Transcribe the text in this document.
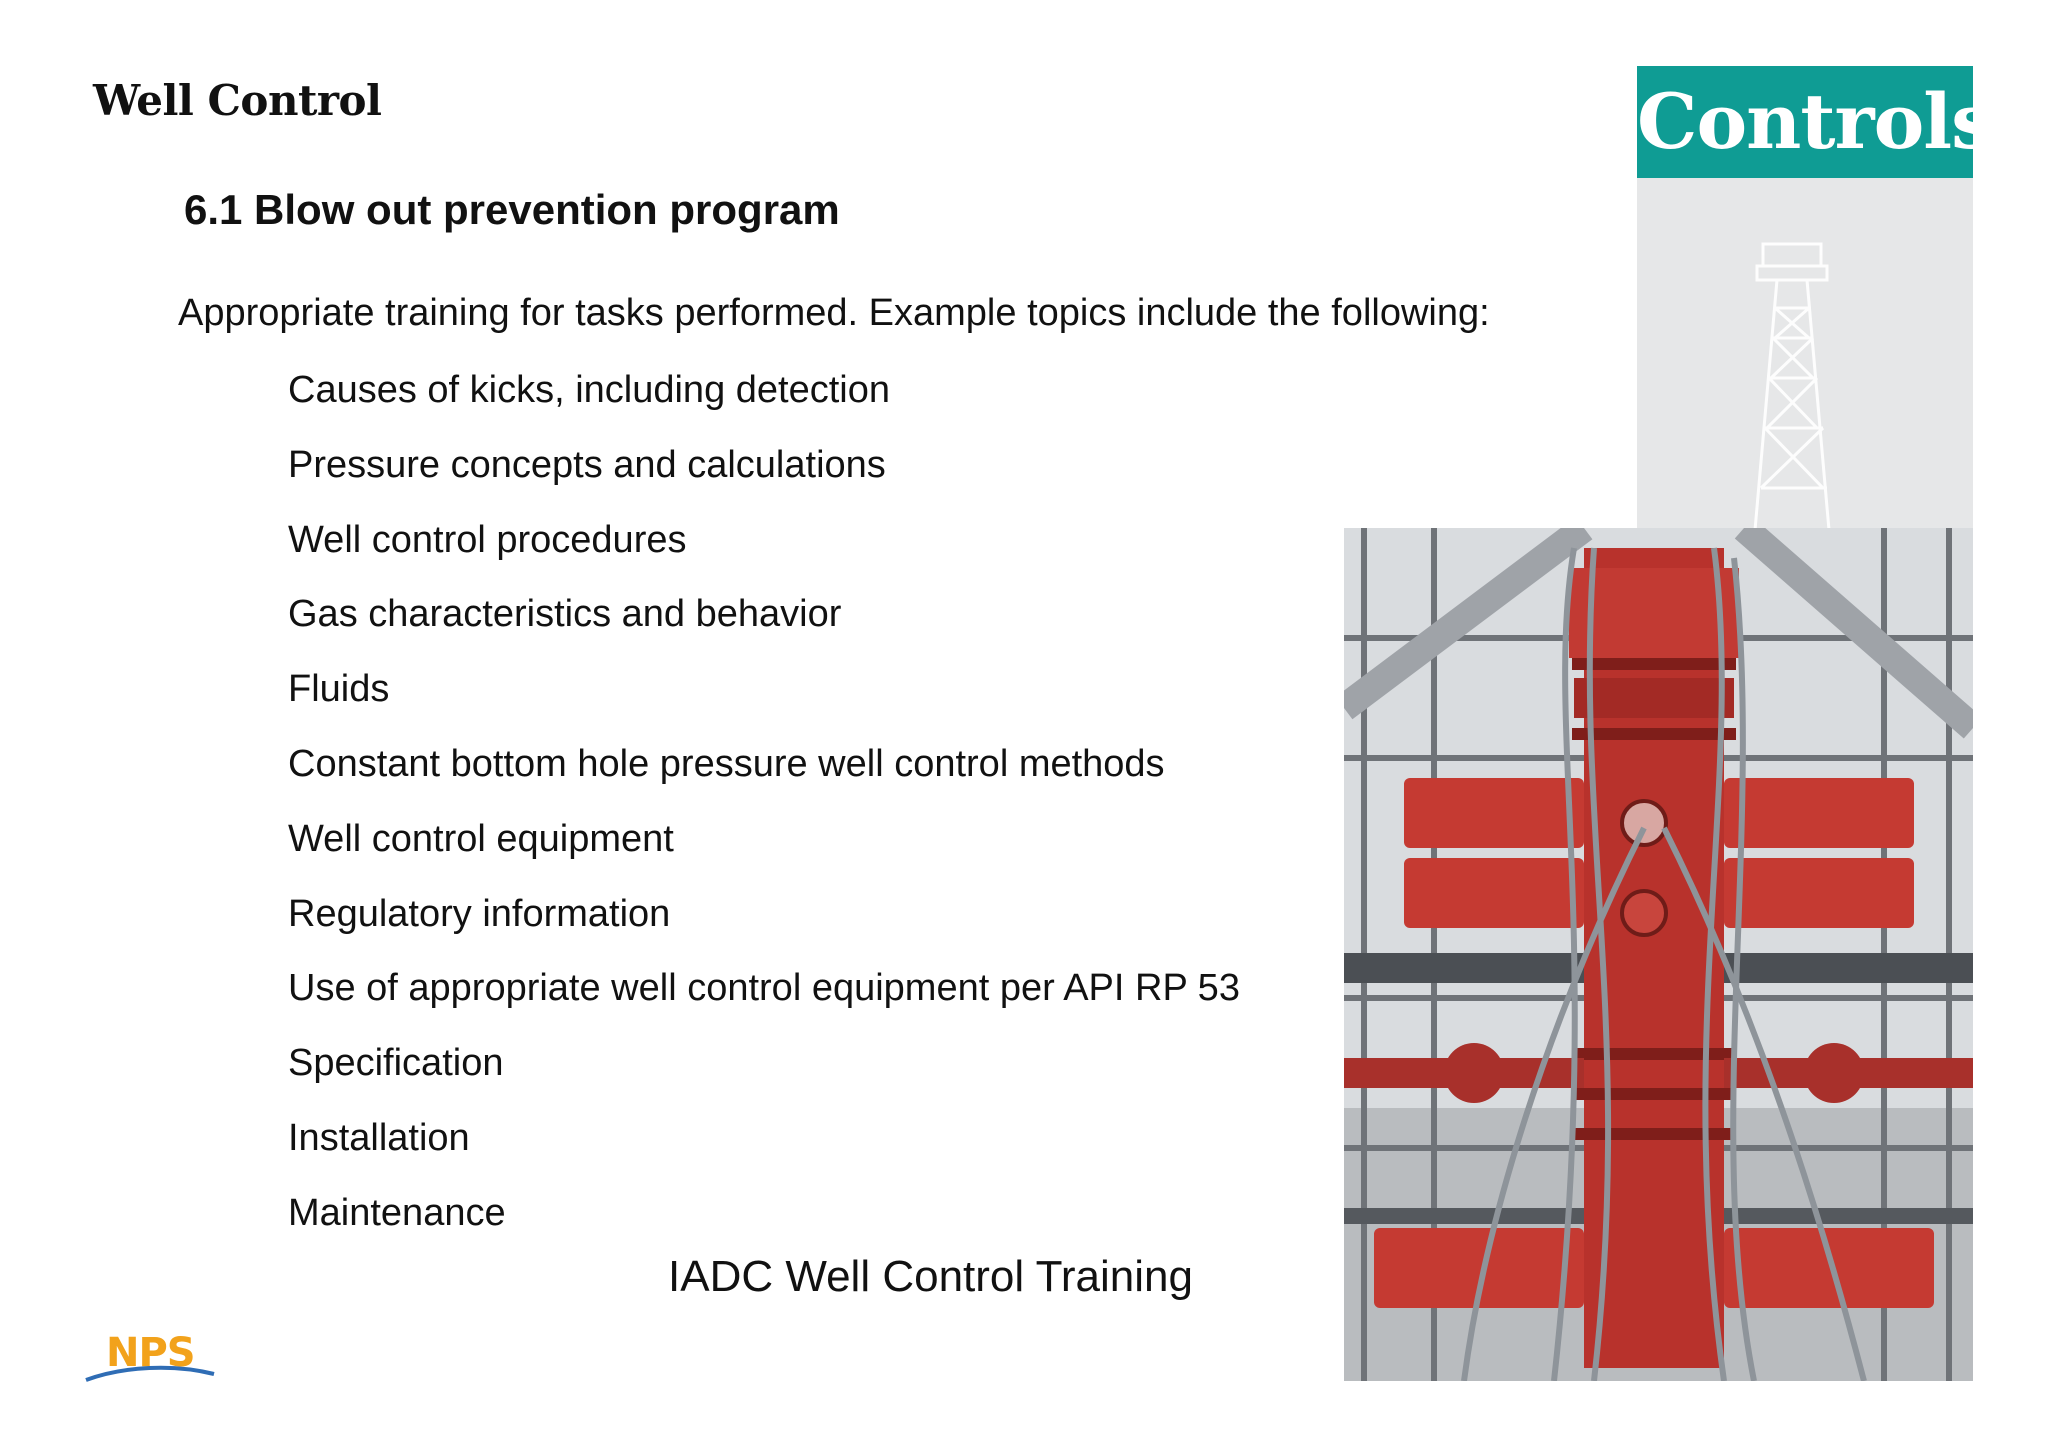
Well Control	Controls
6.1 Blow out prevention program
Appropriate training for tasks performed. Example topics include the following:
Causes of kicks, including detection
Pressure concepts and calculations
Well control procedures
Gas characteristics and behavior
Fluids
Constant bottom hole pressure well control methods
Well control equipment
Regulatory information
Use of appropriate well control equipment per API RP 53
Specification
Installation
Maintenance
IADC Well Control Training
NPS
